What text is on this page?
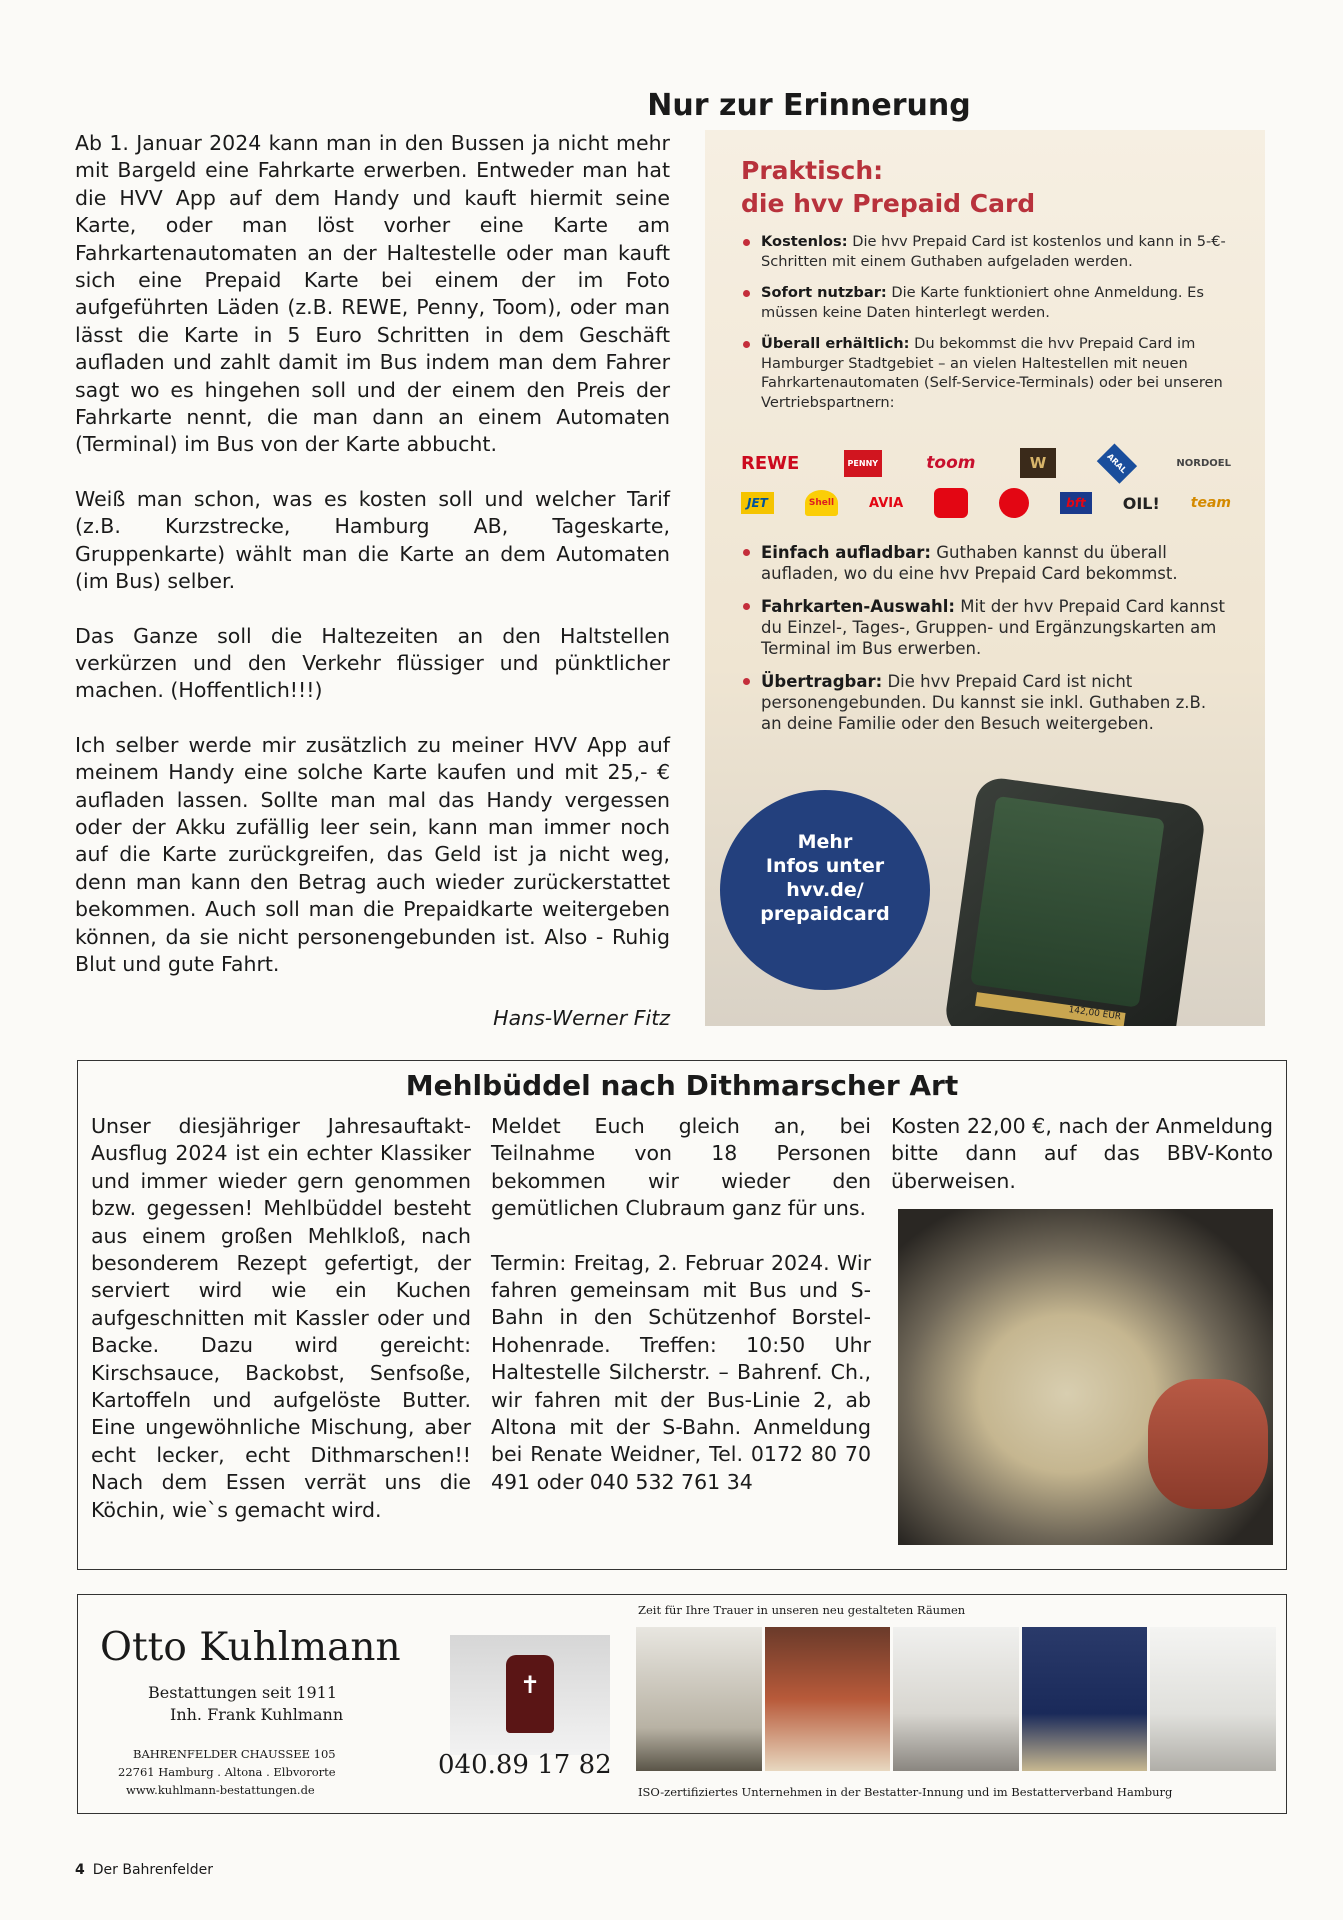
Nur zur Erinnerung

Ab 1. Januar 2024 kann man in den Bussen ja nicht mehr mit Bargeld eine Fahrkarte erwerben. Entweder man hat die HVV App auf dem Handy und kauft hiermit seine Karte, oder man löst vorher eine Karte am Fahrkartenautomaten an der Haltestelle oder man kauft sich eine Prepaid Karte bei einem der im Foto aufgeführten Läden (z.B. REWE, Penny, Toom), oder man lässt die Karte in 5 Euro Schritten in dem Geschäft aufladen und zahlt damit im Bus indem man dem Fahrer sagt wo es hingehen soll und der einem den Preis der Fahrkarte nennt, die man dann an einem Automaten (Terminal) im Bus von der Karte abbucht.

Weiß man schon, was es kosten soll und welcher Tarif (z.B. Kurzstrecke, Hamburg AB, Tageskarte, Gruppenkarte) wählt man die Karte an dem Automaten (im Bus) selber.

Das Ganze soll die Haltezeiten an den Haltstellen verkürzen und den Verkehr flüssiger und pünktlicher machen. (Hoffentlich!!!)

Ich selber werde mir zusätzlich zu meiner HVV App auf meinem Handy eine solche Karte kaufen und mit 25,- € aufladen lassen. Sollte man mal das Handy vergessen oder der Akku zufällig leer sein, kann man immer noch auf die Karte zurückgreifen, das Geld ist ja nicht weg, denn man kann den Betrag auch wieder zurückerstattet bekommen. Auch soll man die Prepaidkarte weitergeben können, da sie nicht personengebunden ist. Also - Ruhig Blut und gute Fahrt.

Hans-Werner Fitz
Praktisch:
die hvv Prepaid Card
Kostenlos: Die hvv Prepaid Card ist kostenlos und kann in 5-€-Schritten mit einem Guthaben aufgeladen werden.
Sofort nutzbar: Die Karte funktioniert ohne Anmeldung. Es müssen keine Daten hinterlegt werden.
Überall erhältlich: Du bekommst die hvv Prepaid Card im Hamburger Stadtgebiet – an vielen Haltestellen mit neuen Fahrkartenautomaten (Self-Service-Terminals) oder bei unseren Vertriebspartnern:
REWE	PENNY	toom	W	ARAL	NORDOEL
JET	Shell	AVIA	bft	OIL! team
Einfach aufladbar: Guthaben kannst du überall aufladen, wo du eine hvv Prepaid Card bekommst.
Fahrkarten-Auswahl: Mit der hvv Prepaid Card kannst du Einzel-, Tages-, Gruppen- und Ergänzungskarten am Terminal im Bus erwerben.
Übertragbar: Die hvv Prepaid Card ist nicht personengebunden. Du kannst sie inkl. Guthaben z.B. an deine Familie oder den Besuch weitergeben.
142,00 EUR
Mehr
Infos unter
hvv.de/
prepaidcard
Mehlbüddel nach Dithmarscher Art

Unser diesjähriger Jahresauftakt-Ausflug 2024 ist ein echter Klassiker und immer wieder gern genommen bzw. gegessen! Mehlbüddel besteht aus einem großen Mehlkloß, nach besonderem Rezept gefertigt, der serviert wird wie ein Kuchen aufgeschnitten mit Kassler oder und Backe. Dazu wird gereicht: Kirschsauce, Backobst, Senfsoße, Kartoffeln und aufgelöste Butter. Eine ungewöhnliche Mischung, aber echt lecker, echt Dithmarschen!! Nach dem Essen verrät uns die Köchin, wie`s gemacht wird.

Meldet Euch gleich an, bei Teilnahme von 18 Personen bekommen wir wieder den gemütlichen Clubraum ganz für uns.

Termin: Freitag, 2. Februar 2024. Wir fahren gemeinsam mit Bus und S-Bahn in den Schützenhof Borstel-Hohenrade. Treffen: 10:50 Uhr Haltestelle Silcherstr. – Bahrenf. Ch., wir fahren mit der Bus-Linie 2, ab Altona mit der S-Bahn. Anmeldung bei Renate Weidner, Tel. 0172 80 70 491 oder 040 532 761 34

Kosten 22,00 €, nach der Anmeldung bitte dann auf das BBV-Konto überweisen.

Otto Kuhlmann
Bestattungen seit 1911
Inh. Frank Kuhlmann
BAHRENFELDER CHAUSSEE 105
22761 Hamburg . Altona . Elbvororte
www.kuhlmann-bestattungen.de
✝
040.89 17 82
Zeit für Ihre Trauer in unseren neu gestalteten Räumen
ISO-zertifiziertes Unternehmen in der Bestatter-Innung und im Bestatterverband Hamburg
4 Der Bahrenfelder
